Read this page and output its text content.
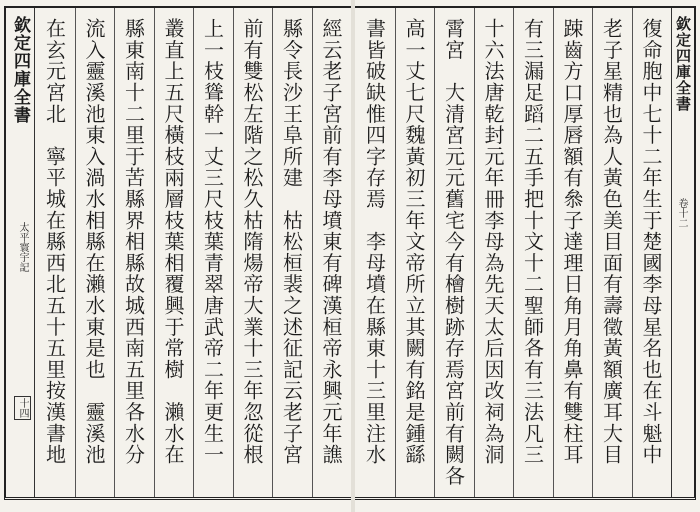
欽定四庫全書
太平寰宇記
十四	經云老子宮前有李母墳東有碑漢桓帝永興元年譙
縣令長沙王阜所建　枯松桓裴之述征記云老子宮
前有雙松左階之松久枯隋煬帝大業十三年忽從根
上一枝聳幹一丈三尺枝葉青翠唐武帝二年更生一
叢直上五尺橫枝兩層枝葉相覆興于常樹　瀨水在
縣東南十二里于苦縣界相縣故城西南五里各水分
流入靈溪池東入渦水相縣在瀨水東是也　靈溪池
在玄元宮北　寧平城在縣西北五十五里按漢書地	欽定四庫全書
卷十二
復命胞中七十二年生于楚國李母星名也在斗魁中
老子星精也為人黃色美目面有壽徵黃額廣耳大目
踈齒方口厚唇額有叅子達理日角月角鼻有雙柱耳
有三漏足蹈二五手把十文十二聖師各有三法凡三
十六法唐乾封元年冊李母為先天太后因改祠為洞
霄宮　大清宮元元舊宅今有檜樹跡存焉宮前有闕各
高一丈七尺魏黃初三年文帝所立其闕有銘是鍾繇
書皆破缺惟四字存焉　李母墳在縣東十三里注水
